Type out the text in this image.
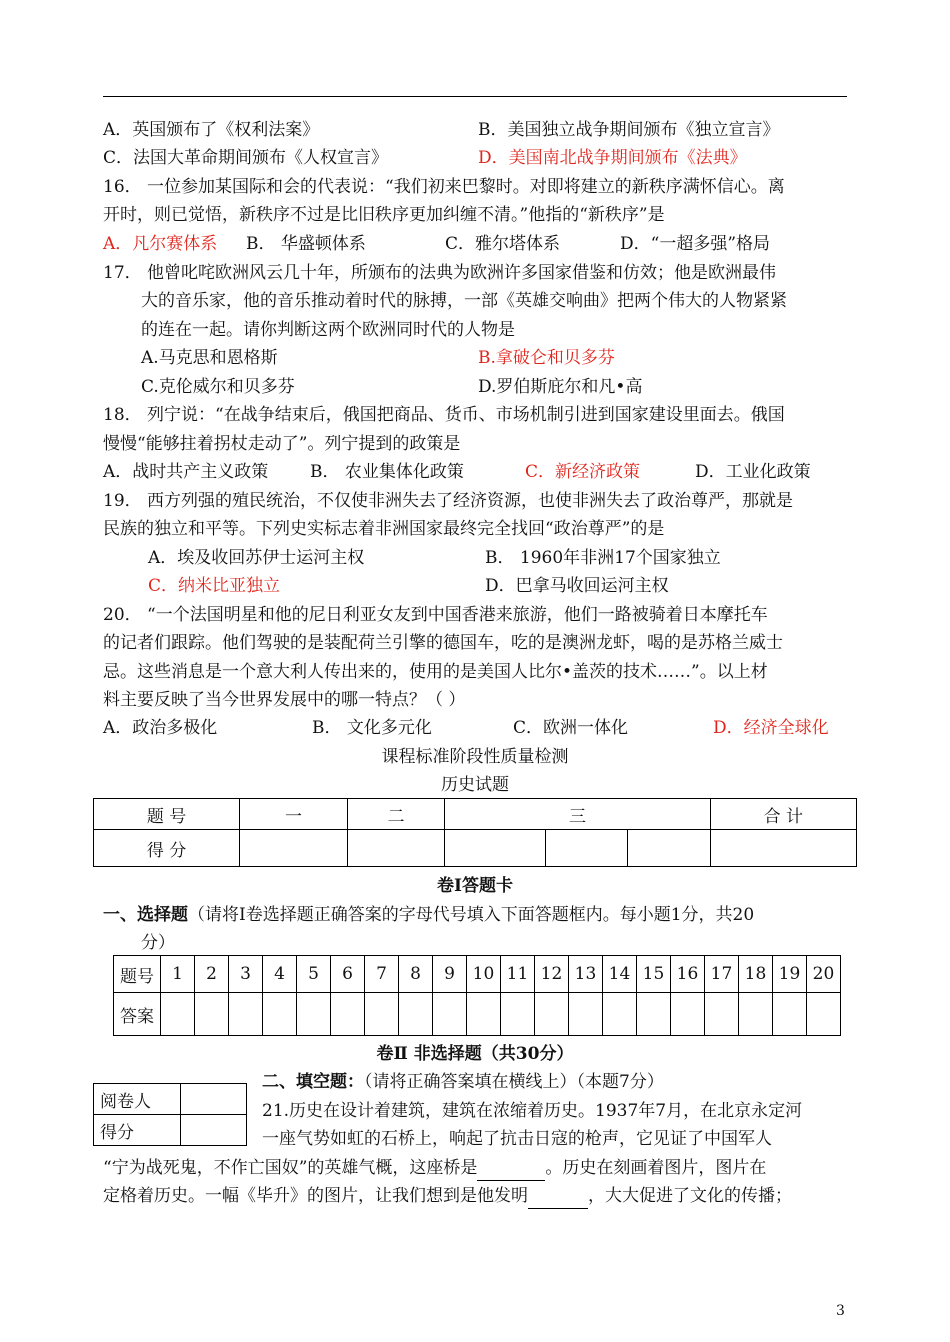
A．英国颁布了《权利法案》	B．美国独立战争期间颁布《独立宣言》
C．法国大革命期间颁布《人权宣言》	D．美国南北战争期间颁布《法典》
16． 一位参加某国际和会的代表说：“我们初来巴黎时。对即将建立的新秩序满怀信心。离
开时，则已觉悟，新秩序不过是比旧秩序更加纠缠不清。”他指的“新秩序”是
A．凡尔赛体系 B． 华盛顿体系	C．雅尔塔体系	D．“一超多强”格局
17． 他曾叱咤欧洲风云几十年，所颁布的法典为欧洲许多国家借鉴和仿效；他是欧洲最伟
大的音乐家，他的音乐推动着时代的脉搏，一部《英雄交响曲》把两个伟大的人物紧紧
的连在一起。请你判断这两个欧洲同时代的人物是
A.马克思和恩格斯	B.拿破仑和贝多芬
C.克伦威尔和贝多芬	D.罗伯斯庇尔和凡•高
18． 列宁说：“在战争结束后，俄国把商品、货币、市场机制引进到国家建设里面去。俄国
慢慢“能够拄着拐杖走动了”。列宁提到的政策是
A．战时共产主义政策 B． 农业集体化政策	C．新经济政策	D．工业化政策
19． 西方列强的殖民统治，不仅使非洲失去了经济资源，也使非洲失去了政治尊严，那就是
民族的独立和平等。下列史实标志着非洲国家最终完全找回“政治尊严”的是
A．埃及收回苏伊士运河主权	B． 1960年非洲17个国家独立
C．纳米比亚独立	D．巴拿马收回运河主权
20． “一个法国明星和他的尼日利亚女友到中国香港来旅游，他们一路被骑着日本摩托车
的记者们跟踪。他们驾驶的是装配荷兰引擎的德国车，吃的是澳洲龙虾，喝的是苏格兰威士
忌。这些消息是一个意大利人传出来的，使用的是美国人比尔•盖茨的技术……”。以上材
料主要反映了当今世界发展中的哪一特点？（ ）
A．政治多极化	B． 文化多元化	C．欧洲一体化	D．经济全球化
课程标准阶段性质量检测
历史试题
题 号	一	二	三			合 计
得 分						
卷Ⅰ答题卡
一、选择题（请将Ⅰ卷选择题正确答案的字母代号填入下面答题框内。每小题1分，共20
分）
题号	1	2	3	4	5	6	7	8	9	10	11	12	13	14	15	16	17	18	19	20
答案																				
卷Ⅱ 非选择题（共30分）
阅卷人	
得分	
二、填空题：（请将正确答案填在横线上）（本题7分）
21.历史在设计着建筑，建筑在浓缩着历史。1937年7月，在北京永定河
一座气势如虹的石桥上，响起了抗击日寇的枪声，它见证了中国军人
“宁为战死鬼，不作亡国奴”的英雄气概，这座桥是	。历史在刻画着图片，图片在
定格着历史。一幅《毕升》的图片，让我们想到是他发明	，大大促进了文化的传播；
3
